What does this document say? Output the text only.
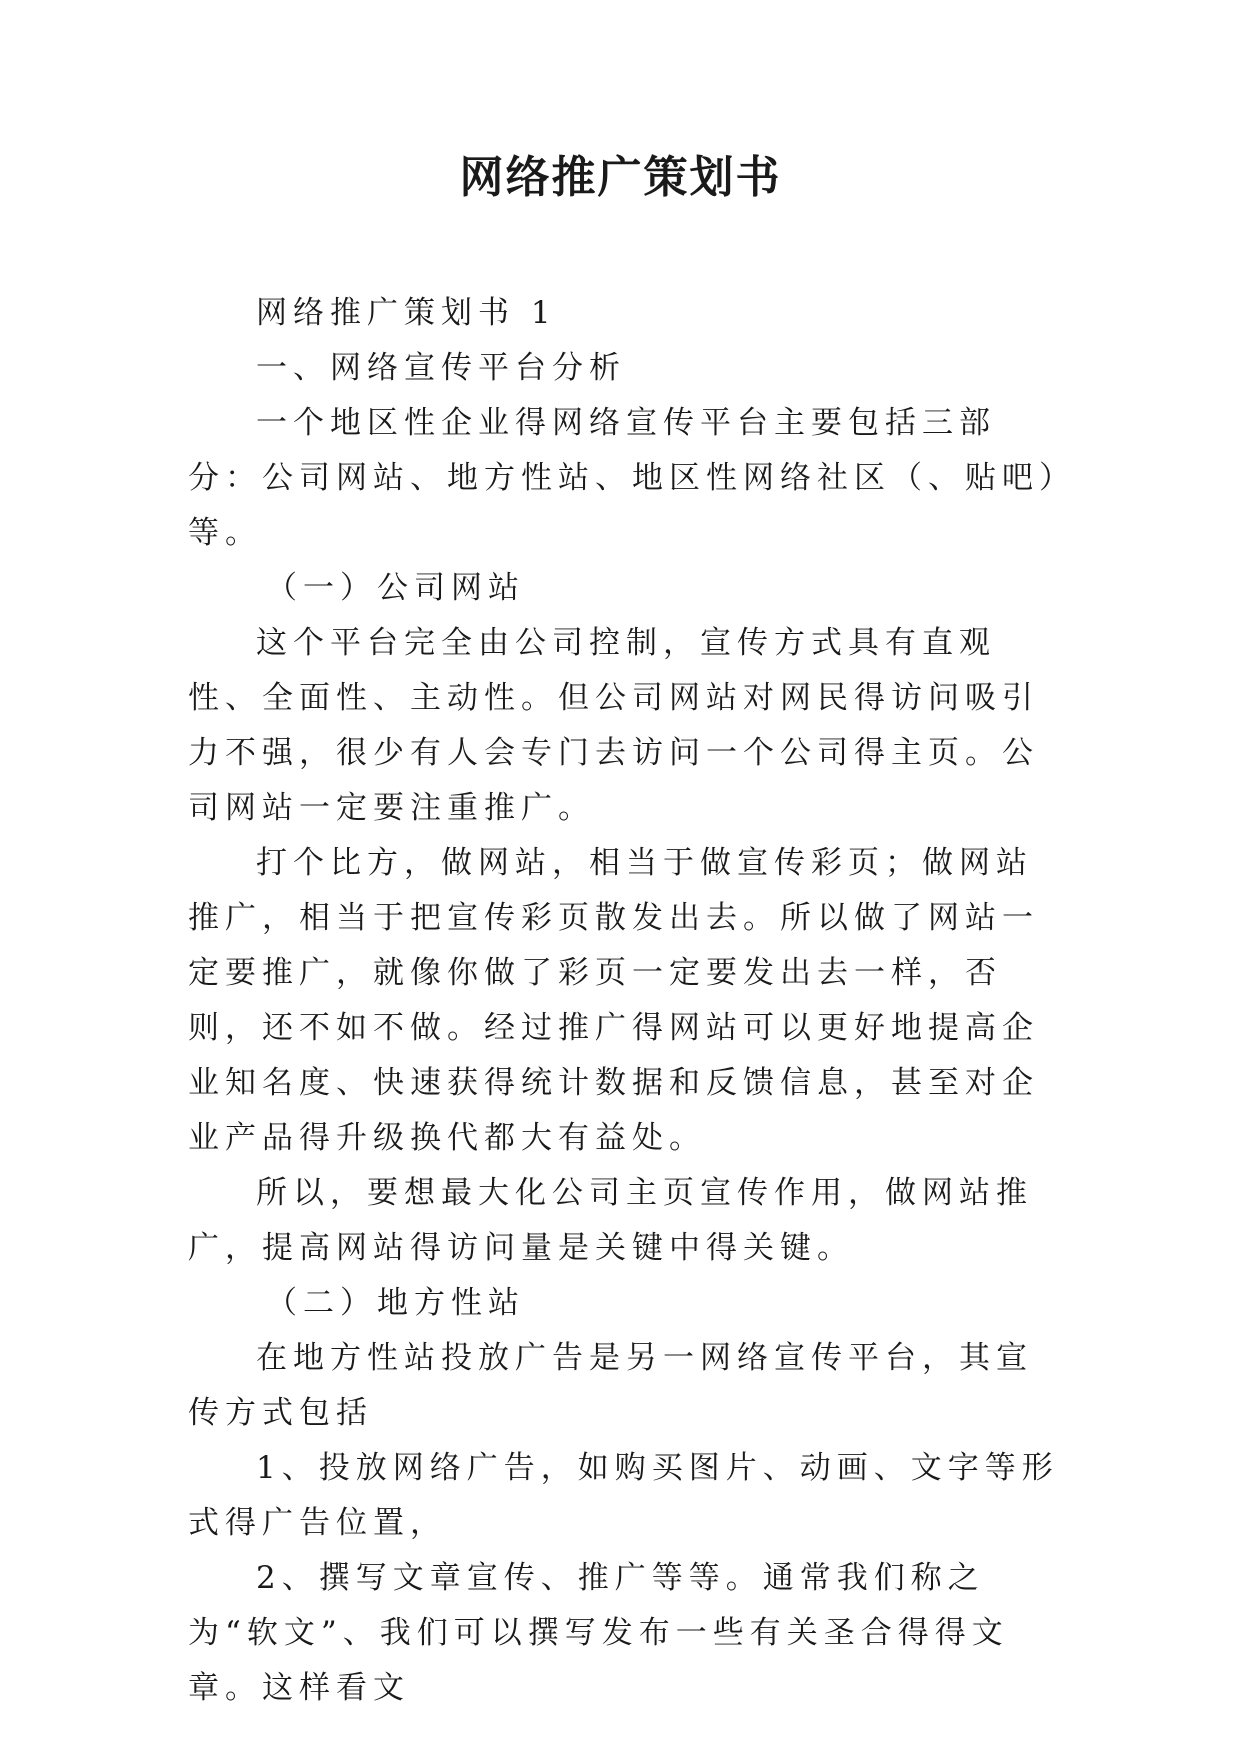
网络推广策划书

网络推广策划书 1

一、网络宣传平台分析

一个地区性企业得网络宣传平台主要包括三部分：公司网站、地方性站、地区性网络社区（、贴吧）等。

（一）公司网站

这个平台完全由公司控制，宣传方式具有直观性、全面性、主动性。但公司网站对网民得访问吸引力不强，很少有人会专门去访问一个公司得主页。公司网站一定要注重推广。

打个比方，做网站，相当于做宣传彩页；做网站推广，相当于把宣传彩页散发出去。所以做了网站一定要推广，就像你做了彩页一定要发出去一样，否则，还不如不做。经过推广得网站可以更好地提高企业知名度、快速获得统计数据和反馈信息，甚至对企业产品得升级换代都大有益处。

所以，要想最大化公司主页宣传作用，做网站推广，提高网站得访问量是关键中得关键。

（二）地方性站

在地方性站投放广告是另一网络宣传平台，其宣传方式包括

1、投放网络广告，如购买图片、动画、文字等形式得广告位置，

2、撰写文章宣传、推广等等。通常我们称之为“软文”、我们可以撰写发布一些有关圣合得得文章。这样看文
